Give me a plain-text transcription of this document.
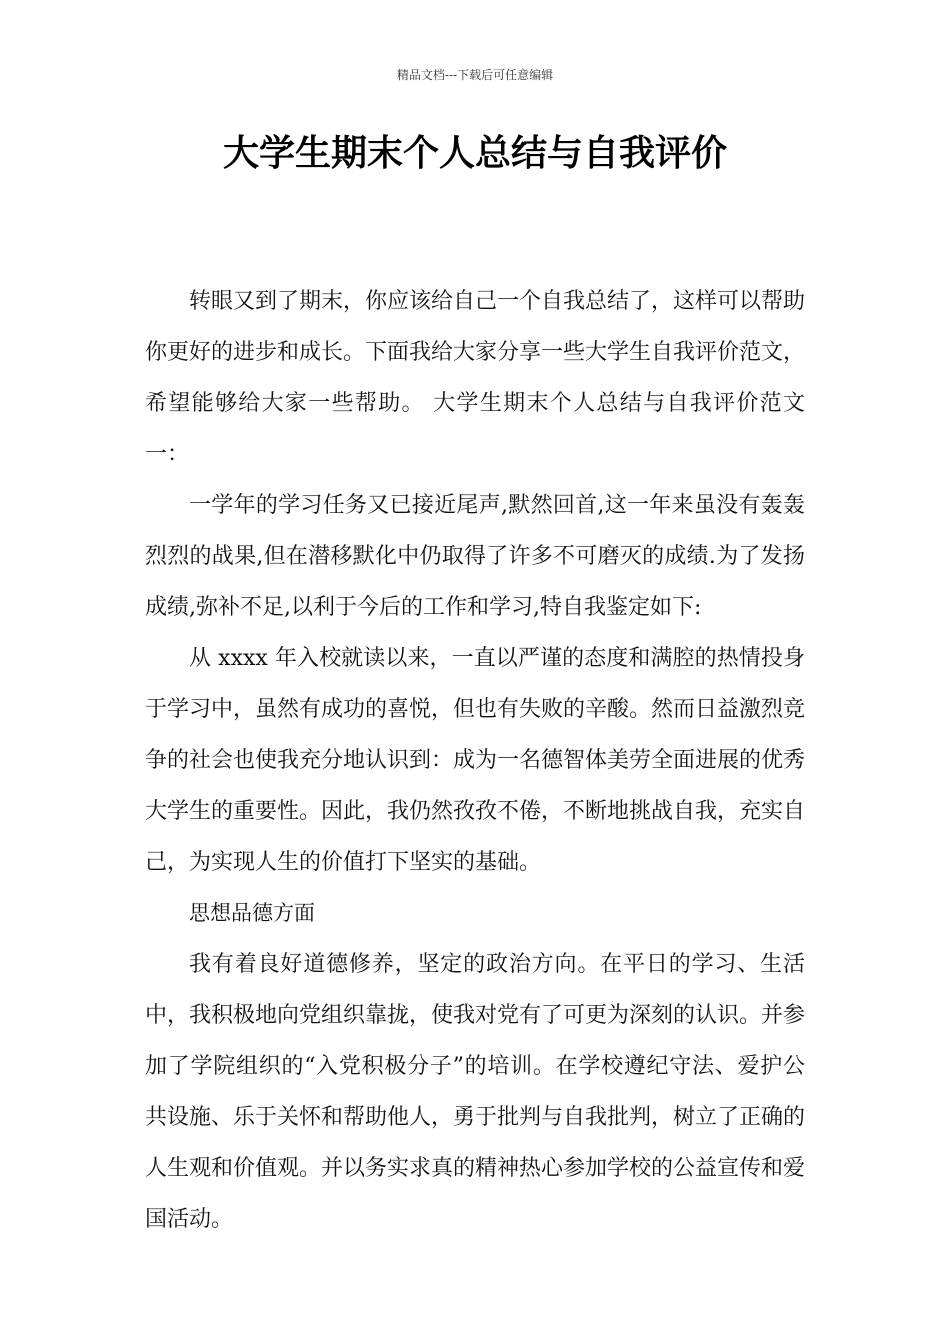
精品文档---下载后可任意编辑
大学生期末个人总结与自我评价

转眼又到了期末，你应该给自己一个自我总结了，这样可以帮助你更好的进步和成长。下面我给大家分享一些大学生自我评价范文，希望能够给大家一些帮助。 大学生期末个人总结与自我评价范文一：

一学年的学习任务又已接近尾声,默然回首,这一年来虽没有轰轰烈烈的战果,但在潜移默化中仍取得了许多不可磨灭的成绩.为了发扬成绩,弥补不足,以利于今后的工作和学习,特自我鉴定如下:

从 xxxx 年入校就读以来，一直以严谨的态度和满腔的热情投身于学习中，虽然有成功的喜悦，但也有失败的辛酸。然而日益激烈竞争的社会也使我充分地认识到：成为一名德智体美劳全面进展的优秀大学生的重要性。因此，我仍然孜孜不倦，不断地挑战自我，充实自己，为实现人生的价值打下坚实的基础。

思想品德方面

我有着良好道德修养，坚定的政治方向。在平日的学习、生活中，我积极地向党组织靠拢，使我对党有了可更为深刻的认识。并参加了学院组织的“入党积极分子”的培训。在学校遵纪守法、爱护公共设施、乐于关怀和帮助他人，勇于批判与自我批判，树立了正确的人生观和价值观。并以务实求真的精神热心参加学校的公益宣传和爱国活动。
